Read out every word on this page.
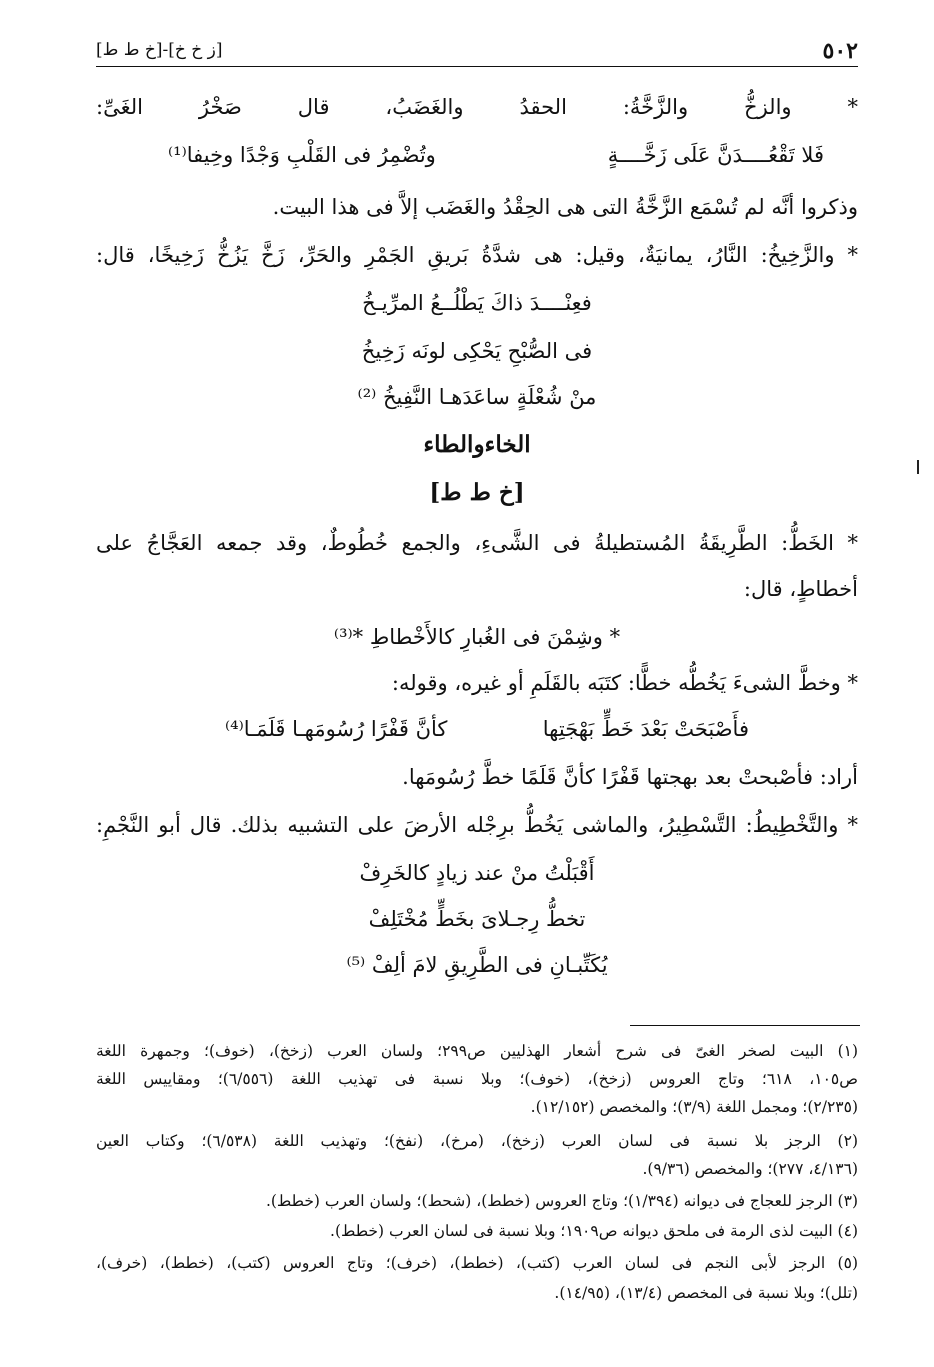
٥٠٢
[ز خ خ]-[خ ط ط]
* والزخُّ والزَّخَّةُ: الحقدُ والغَضَبُ، قال صَخْرُ الغَىِّ:
فَلا تَقْعُــــدَنَّ عَلَى زَخَّــــةٍ
وتُضْمِرُ فى القَلْبِ وَجْدًا وخِيفا⁽¹⁾
وذكروا أنَّه لم تُسْمَع الزَّخَّةُ التى هى الحِقْدُ والغَضَب إلاَّ فى هذا البيت.
* والزَّخِيخُ: النَّارُ، يمانيَةٌ، وقيل: هى شدَّةُ بَريقِ الجَمْرِ والحَرِّ، زَخَّ يَزُخُّ زَخِيخًا، قال:
فعِنْــــدَ ذاكَ يَطْلُــعُ المرِّيـخُ
فى الصُّبْحِ يَحْكِى لونَه زَخِيخُ
منْ شُعْلَةٍ ساعَدَهـا النَّفِيخُ ⁽²⁾
الخاءوالطاء
[خ ط ط]
* الخَطُّ: الطَّرِيقَةُ المُستطيلةُ فى الشَّىءِ، والجمع خُطُوطٌ، وقد جمعه العَجَّاجُ على
أخطاطٍ، قال:
* وشِمْنَ فى الغُبارِ كالأَخْطاطِ *⁽³⁾
* وخطَّ الشىءَ يَخُطُّه خطًّا: كتَبَه بالقَلَمِ أو غيره، وقوله:
فأَصْبَحَتْ بَعْدَ خَطٍّ بَهْجَتِها
كأنَّ قَفْرًا رُسُومَهـا قَلَمَـا⁽⁴⁾
أراد: فأصْبحتْ بعد بهجتها قَفْرًا كأنَّ قَلَمًا خطَّ رُسُومَها.
* والتَّخْطِيطُ: التَّسْطِيرُ، والماشى يَخُطُّ برِجْله الأرضَ على التشبيه بذلك. قال أبو النَّجْمِ:
أَقْبَلْتُ منْ عند زيادٍ كالخَرِفْ
تخطُّ رِجـلاىَ بخَطٍّ مُخْتَلِفْ
يُكَتِّبـانِ فى الطَّرِيقِ لامَ ألِفْ ⁽⁵⁾
(١) البيت لصخر الغىّ فى شرح أشعار الهذليين ص٢٩٩؛ ولسان العرب (زخخ)، (خوف)؛ وجمهرة اللغة
ص١٠٥، ٦١٨؛ وتاج العروس (زخخ)، (خوف)؛ وبلا نسبة فى تهذيب اللغة (٦/٥٥٦)؛ ومقاييس اللغة
(٢/٢٣٥)؛ ومجمل اللغة (٣/٩)؛ والمخصص (١٢/١٥٢).
(٢) الرجز بلا نسبة فى لسان العرب (زخخ)، (مرخ)، (نفخ)؛ وتهذيب اللغة (٦/٥٣٨)؛ وكتاب العين
(٤/١٣٦، ٢٧٧)؛ والمخصص (٩/٣٦).
(٣) الرجز للعجاج فى ديوانه (١/٣٩٤)؛ وتاج العروس (خطط)، (شحط)؛ ولسان العرب (خطط).
(٤) البيت لذى الرمة فى ملحق ديوانه ص١٩٠٩؛ وبلا نسبة فى لسان العرب (خطط).
(٥) الرجز لأبى النجم فى لسان العرب (كتب)، (خطط)، (خرف)؛ وتاج العروس (كتب)، (خطط)، (خرف)،
(تلل)؛ وبلا نسبة فى المخصص (١٣/٤)، (١٤/٩٥).
